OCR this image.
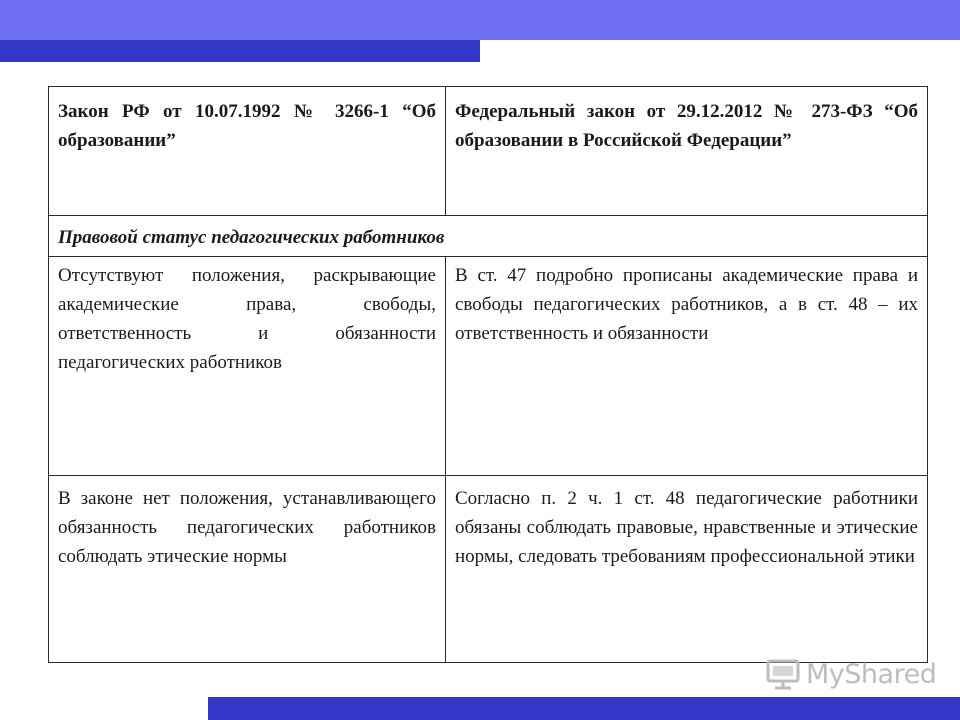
Закон РФ от 10.07.1992 № 3266-1 “Об образовании”	Федеральный закон от 29.12.2012 № 273-ФЗ “Об образовании в Российской Федерации”

Правовой статус педагогических работников	

Отсутствуют положения, раскрывающие академические права, свободы, ответственность и обязанности педагогических работников	В ст. 47 подробно прописаны академические права и свободы педагогических работников, а в ст. 48 – их ответственность и обязанности

В законе нет положения, устанавливающего обязанность педагогических работников соблюдать этические нормы	Согласно п. 2 ч. 1 ст. 48 педагогические работники обязаны соблюдать правовые, нравственные и этические нормы, следовать требованиям профессиональной этики
MyShared
